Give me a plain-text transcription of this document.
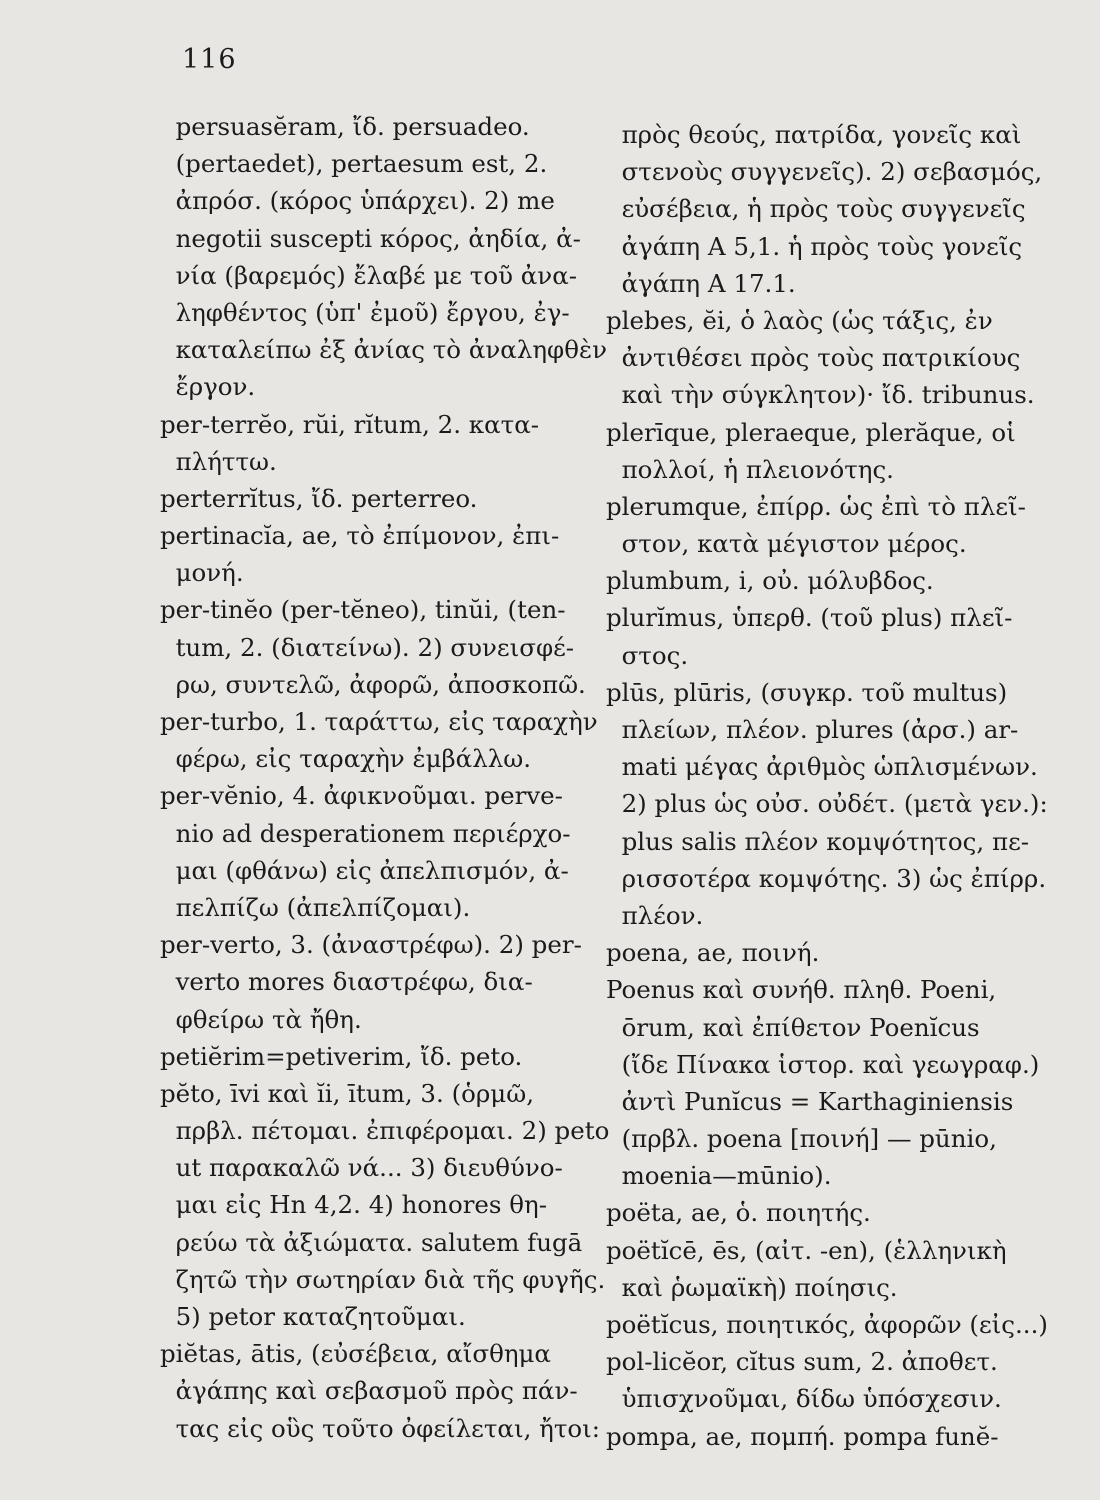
116
persuasĕram, ἴδ. persuadeo.
(pertaedet), pertaesum est, 2.
ἀπρόσ. (κόρος ὑπάρχει). 2) me
negotii suscepti κόρος, ἀηδία, ἀ-
νία (βαρεμός) ἔλαβέ με τοῦ ἀνα-
ληφθέντος (ὑπ' ἐμοῦ) ἔργου, ἐγ-
καταλείπω ἐξ ἀνίας τὸ ἀναληφθὲν
ἔργον.
per-terrĕo, rŭi, rĭtum, 2. κατα-
πλήττω.
perterrĭtus, ἴδ. perterreo.
pertinacĭa, ae, τὸ ἐπίμονον, ἐπι-
μονή.
per-tinĕo (per-tĕneo), tinŭi, (ten-
tum, 2. (διατείνω). 2) συνεισφέ-
ρω, συντελῶ, ἀφορῶ, ἀποσκοπῶ.
per-turbo, 1. ταράττω, εἰς ταραχὴν
φέρω, εἰς ταραχὴν ἐμβάλλω.
per-vĕnio, 4. ἀφικνοῦμαι. perve-
nio ad desperationem περιέρχο-
μαι (φθάνω) εἰς ἀπελπισμόν, ἀ-
πελπίζω (ἀπελπίζομαι).
per-verto, 3. (ἀναστρέφω). 2) per-
verto mores διαστρέφω, δια-
φθείρω τὰ ἤθη.
petiĕrim=petiverim, ἴδ. peto.
pĕto, īvi καὶ ĭi, ītum, 3. (ὁρμῶ,
πρβλ. πέτομαι. ἐπιφέρομαι. 2) peto
ut παρακαλῶ νά... 3) διευθύνο-
μαι εἰς Ηn 4,2. 4) honores θη-
ρεύω τὰ ἀξιώματα. salutem fugā
ζητῶ τὴν σωτηρίαν διὰ τῆς φυγῆς.
5) petor καταζητοῦμαι.
piĕtas, ātis, (εὐσέβεια, αἴσθημα
ἀγάπης καὶ σεβασμοῦ πρὸς πάν-
τας εἰς οὓς τοῦτο ὀφείλεται, ἤτοι:
πρὸς θεούς, πατρίδα, γονεῖς καὶ
στενοὺς συγγενεῖς). 2) σεβασμός,
εὐσέβεια, ἡ πρὸς τοὺς συγγενεῖς
ἀγάπη Α 5,1. ἡ πρὸς τοὺς γονεῖς
ἀγάπη Α 17.1.
plebes, ĕi, ὁ λαὸς (ὡς τάξις, ἐν
ἀντιθέσει πρὸς τοὺς πατρικίους
καὶ τὴν σύγκλητον)· ἴδ. tribunus.
plerīque, pleraeque, plerăque, οἱ
πολλοί, ἡ πλειονότης.
plerumque, ἐπίρρ. ὡς ἐπὶ τὸ πλεῖ-
στον, κατὰ μέγιστον μέρος.
plumbum, i, οὐ. μόλυβδος.
plurĭmus, ὑπερθ. (τοῦ plus) πλεῖ-
στος.
plūs, plūris, (συγκρ. τοῦ multus)
πλείων, πλέον. plures (ἀρσ.) ar-
mati μέγας ἀριθμὸς ὡπλισμένων.
2) plus ὡς οὐσ. οὐδέτ. (μετὰ γεν.):
plus salis πλέον κομψότητος, πε-
ρισσοτέρα κομψότης. 3) ὡς ἐπίρρ.
πλέον.
poena, ae, ποινή.
Poenus καὶ συνήθ. πληθ. Poeni,
ōrum, καὶ ἐπίθετον Poenĭcus
(ἴδε Πίνακα ἱστορ. καὶ γεωγραφ.)
ἀντὶ Punĭcus = Karthaginiensis
(πρβλ. poena [ποινή] — pūnio,
moenia—mūnio).
poëta, ae, ὁ. ποιητής.
poëtĭcē, ēs, (αἰτ. -en), (ἑλληνικὴ
καὶ ῥωμαϊκὴ) ποίησις.
poëtĭcus, ποιητικός, ἀφορῶν (εἰς...)
pol-licĕor, cĭtus sum, 2. ἀποθετ.
ὑπισχνοῦμαι, δίδω ὑπόσχεσιν.
pompa, ae, πομπή. pompa funĕ-
